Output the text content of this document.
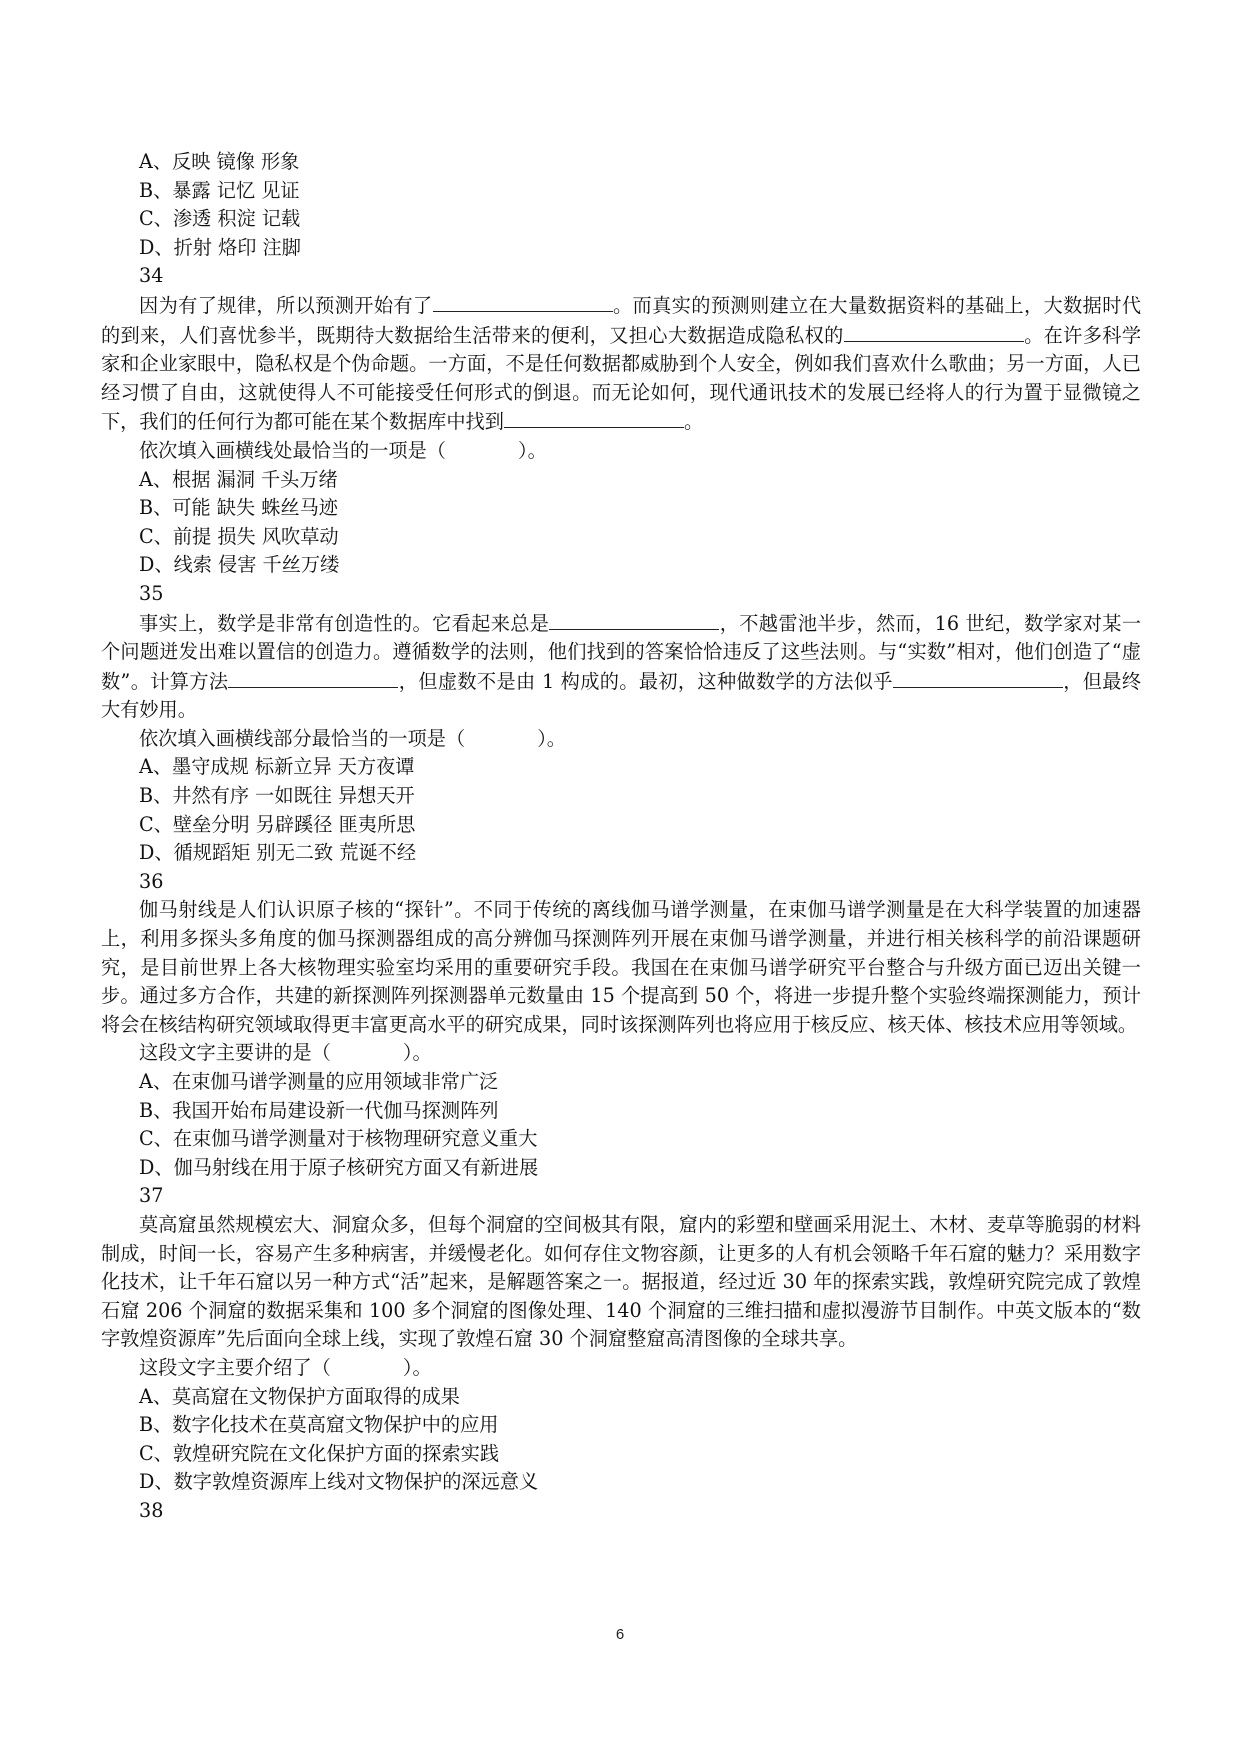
A、反映 镜像 形象
B、暴露 记忆 见证
C、渗透 积淀 记载
D、折射 烙印 注脚
34
因为有了规律，所以预测开始有了	。而真实的预测则建立在大量数据资料的基础上，大数据时代的到来，人们喜忧参半，既期待大数据给生活带来的便利，又担心大数据造成隐私权的	。在许多科学家和企业家眼中，隐私权是个伪命题。一方面，不是任何数据都威胁到个人安全，例如我们喜欢什么歌曲；另一方面，人已经习惯了自由，这就使得人不可能接受任何形式的倒退。而无论如何，现代通讯技术的发展已经将人的行为置于显微镜之下，我们的任何行为都可能在某个数据库中找到	。
依次填入画横线处最恰当的一项是（	）。
A、根据 漏洞 千头万绪
B、可能 缺失 蛛丝马迹
C、前提 损失 风吹草动
D、线索 侵害 千丝万缕
35
事实上，数学是非常有创造性的。它看起来总是	，不越雷池半步，然而，16 世纪，数学家对某一个问题迸发出难以置信的创造力。遵循数学的法则，他们找到的答案恰恰违反了这些法则。与“实数”相对，他们创造了“虚数”。计算方法	，但虚数不是由 1 构成的。最初，这种做数学的方法似乎	，但最终大有妙用。
依次填入画横线部分最恰当的一项是（	）。
A、墨守成规 标新立异 天方夜谭
B、井然有序 一如既往 异想天开
C、壁垒分明 另辟蹊径 匪夷所思
D、循规蹈矩 别无二致 荒诞不经
36
伽马射线是人们认识原子核的“探针”。不同于传统的离线伽马谱学测量，在束伽马谱学测量是在大科学装置的加速器上，利用多探头多角度的伽马探测器组成的高分辨伽马探测阵列开展在束伽马谱学测量，并进行相关核科学的前沿课题研究，是目前世界上各大核物理实验室均采用的重要研究手段。我国在在束伽马谱学研究平台整合与升级方面已迈出关键一步。通过多方合作，共建的新探测阵列探测器单元数量由 15 个提高到 50 个，将进一步提升整个实验终端探测能力，预计将会在核结构研究领域取得更丰富更高水平的研究成果，同时该探测阵列也将应用于核反应、核天体、核技术应用等领域。
这段文字主要讲的是（	）。
A、在束伽马谱学测量的应用领域非常广泛
B、我国开始布局建设新一代伽马探测阵列
C、在束伽马谱学测量对于核物理研究意义重大
D、伽马射线在用于原子核研究方面又有新进展
37
莫高窟虽然规模宏大、洞窟众多，但每个洞窟的空间极其有限，窟内的彩塑和壁画采用泥土、木材、麦草等脆弱的材料制成，时间一长，容易产生多种病害，并缓慢老化。如何存住文物容颜，让更多的人有机会领略千年石窟的魅力？采用数字化技术，让千年石窟以另一种方式“活”起来，是解题答案之一。据报道，经过近 30 年的探索实践，敦煌研究院完成了敦煌石窟 206 个洞窟的数据采集和 100 多个洞窟的图像处理、140 个洞窟的三维扫描和虚拟漫游节目制作。中英文版本的“数字敦煌资源库”先后面向全球上线，实现了敦煌石窟 30 个洞窟整窟高清图像的全球共享。
这段文字主要介绍了（	）。
A、莫高窟在文物保护方面取得的成果
B、数字化技术在莫高窟文物保护中的应用
C、敦煌研究院在文化保护方面的探索实践
D、数字敦煌资源库上线对文物保护的深远意义
38
6
